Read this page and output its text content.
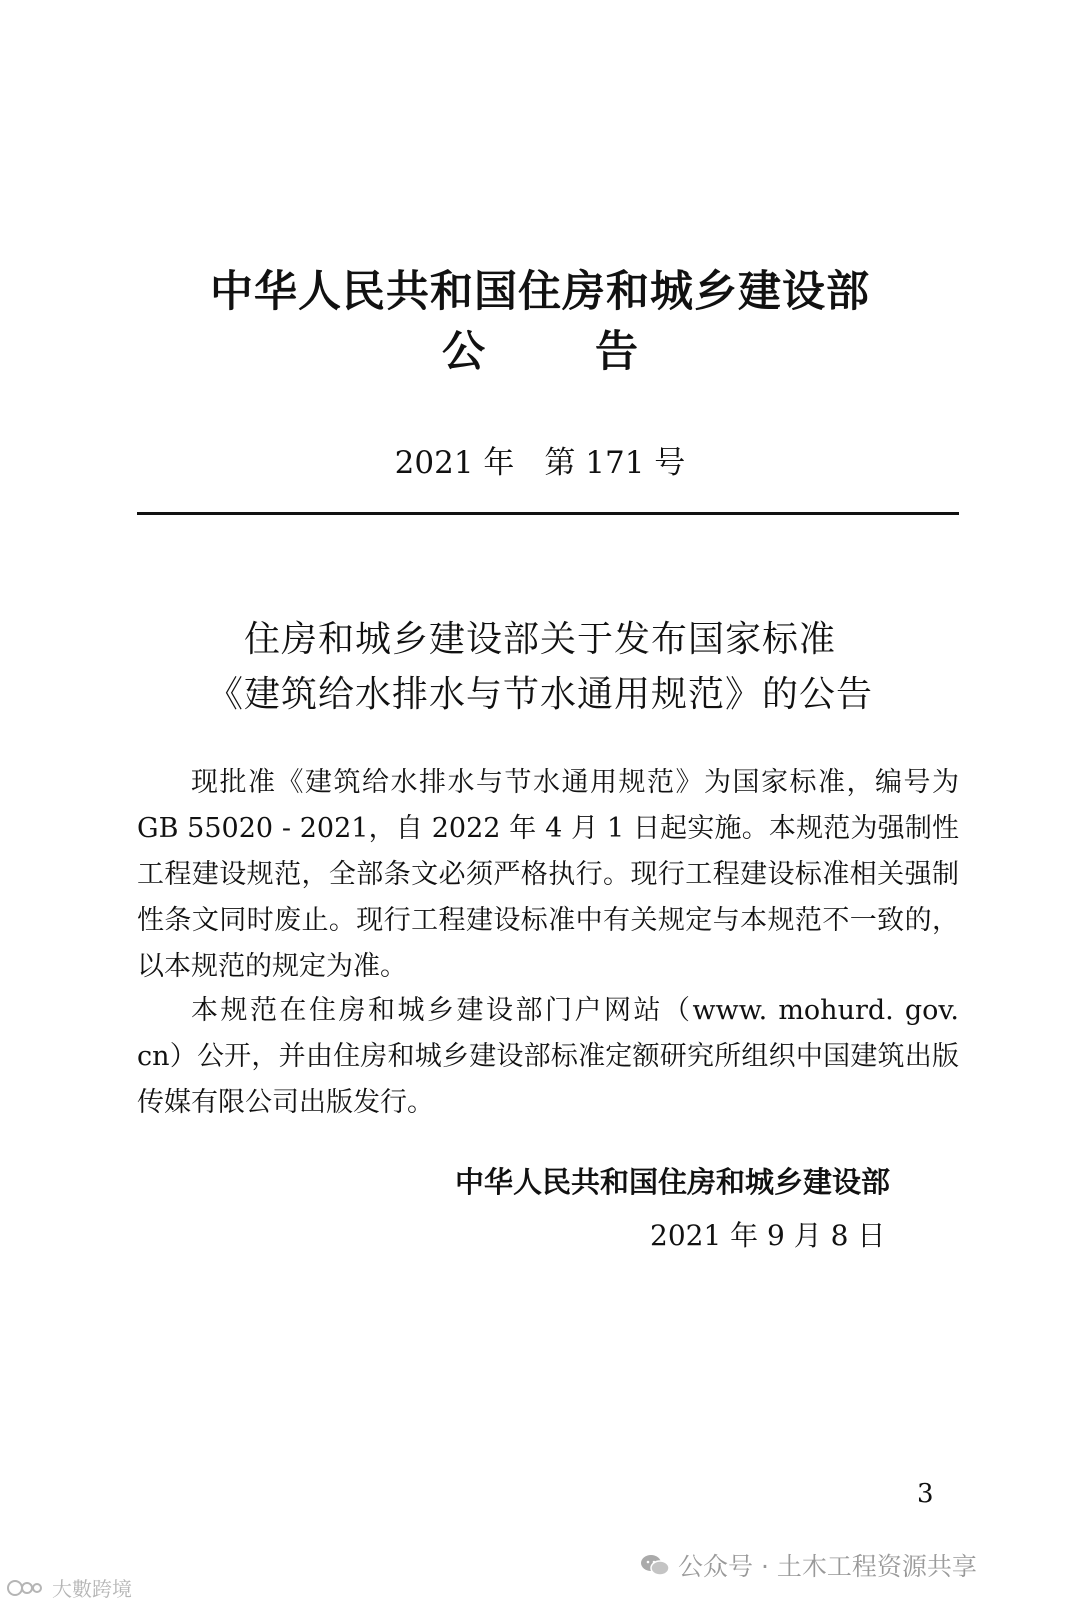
中华人民共和国住房和城乡建设部
公	告
2021 年 第 171 号
住房和城乡建设部关于发布国家标准
《建筑给水排水与节水通用规范》的公告
现批准《建筑给水排水与节水通用规范》为国家标准，编号为 GB 55020 - 2021，自 2022 年 4 月 1 日起实施。本规范为强制性工程建设规范，全部条文必须严格执行。现行工程建设标准相关强制性条文同时废止。现行工程建设标准中有关规定与本规范不一致的，以本规范的规定为准。
本规范在住房和城乡建设部门户网站（www. mohurd. gov. cn）公开，并由住房和城乡建设部标准定额研究所组织中国建筑出版传媒有限公司出版发行。
中华人民共和国住房和城乡建设部
2021 年 9 月 8 日
3
公众号 · 土木工程资源共享
大數跨境
